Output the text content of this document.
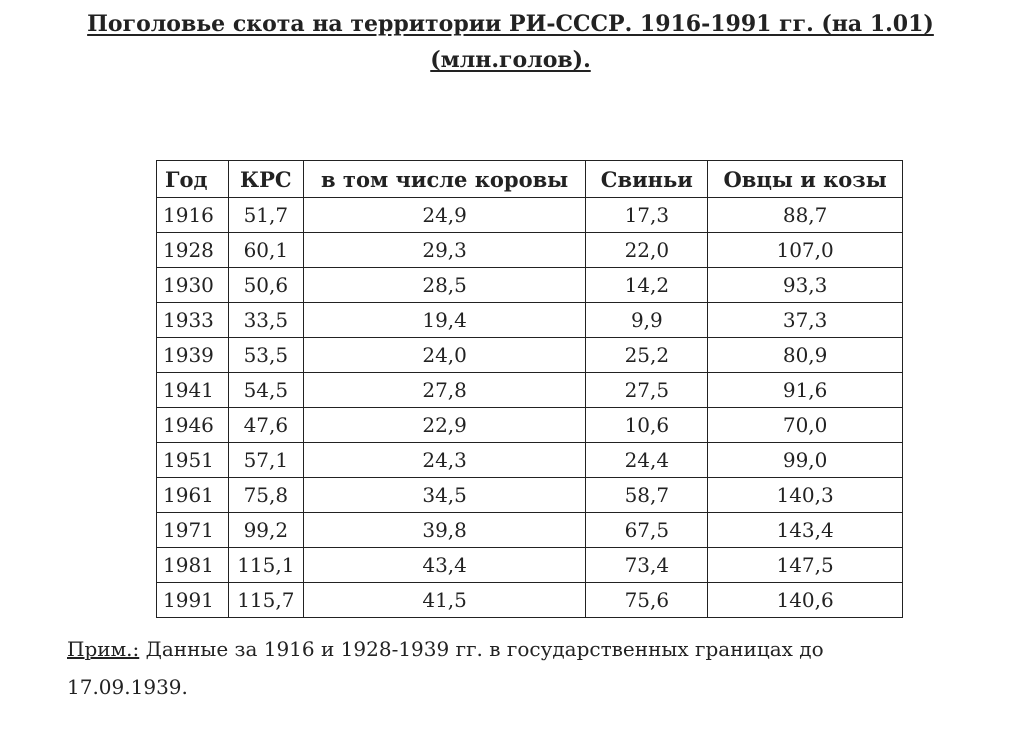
Поголовье скота на территории РИ-СССР. 1916-1991 гг. (на 1.01)
(млн.голов).
Год	КРС	в том числе коровы	Свиньи	Овцы и козы
1916	51,7	24,9	17,3	88,7
1928	60,1	29,3	22,0	107,0
1930	50,6	28,5	14,2	93,3
1933	33,5	19,4	9,9	37,3
1939	53,5	24,0	25,2	80,9
1941	54,5	27,8	27,5	91,6
1946	47,6	22,9	10,6	70,0
1951	57,1	24,3	24,4	99,0
1961	75,8	34,5	58,7	140,3
1971	99,2	39,8	67,5	143,4
1981	115,1	43,4	73,4	147,5
1991	115,7	41,5	75,6	140,6

Прим.: Данные за 1916 и 1928-1939 гг. в государственных границах до 17.09.1939.
